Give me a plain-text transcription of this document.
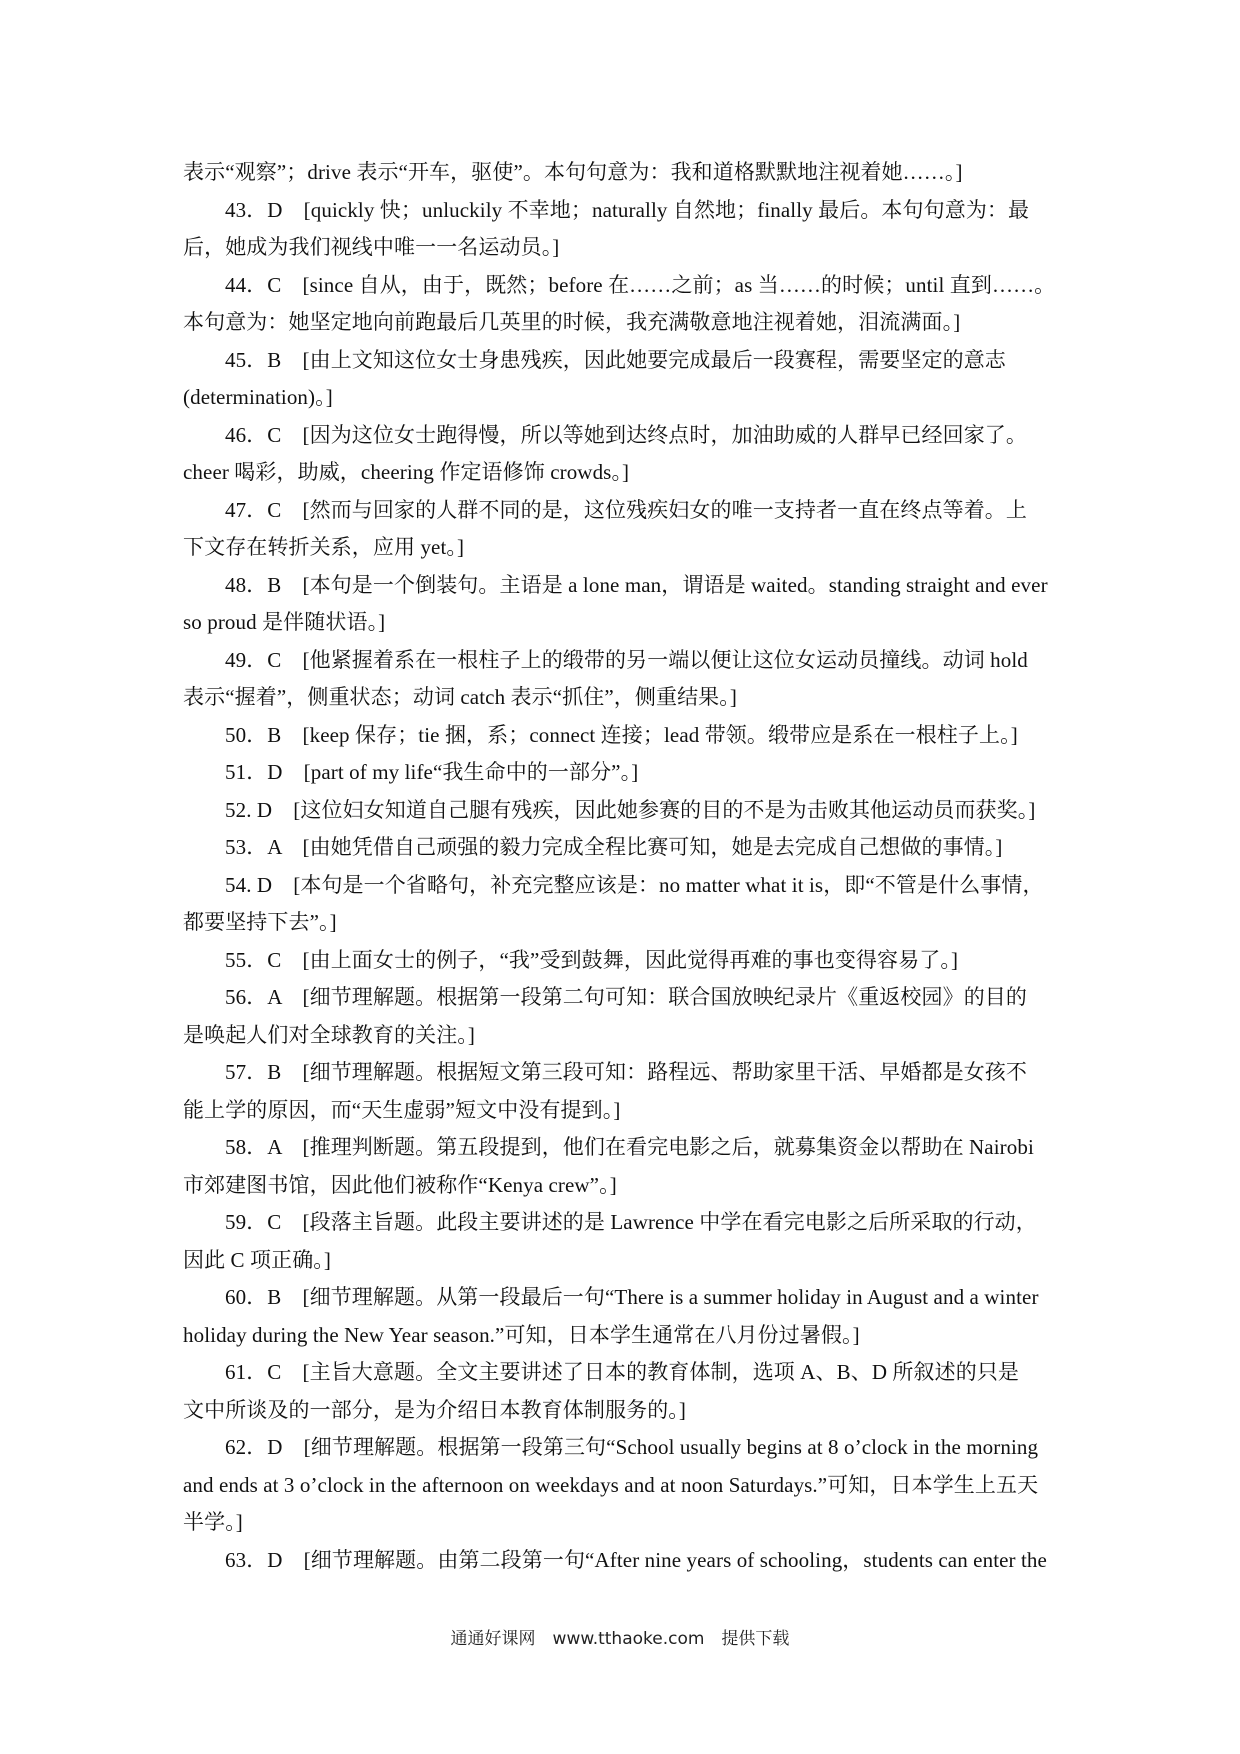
表示“观察”；drive 表示“开车，驱使”。本句句意为：我和道格默默地注视着她……。]
43．D　[quickly 快；unluckily 不幸地；naturally 自然地；finally 最后。本句句意为：最
后，她成为我们视线中唯一一名运动员。]
44．C　[since 自从，由于，既然；before 在……之前；as 当……的时候；until 直到……。
本句意为：她坚定地向前跑最后几英里的时候，我充满敬意地注视着她，泪流满面。]
45．B　[由上文知这位女士身患残疾，因此她要完成最后一段赛程，需要坚定的意志
(determination)。]
46．C　[因为这位女士跑得慢，所以等她到达终点时，加油助威的人群早已经回家了。
cheer 喝彩，助威，cheering 作定语修饰 crowds。]
47．C　[然而与回家的人群不同的是，这位残疾妇女的唯一支持者一直在终点等着。上
下文存在转折关系，应用 yet。]
48．B　[本句是一个倒装句。主语是 a lone man，谓语是 waited。standing straight and ever
so proud 是伴随状语。]
49．C　[他紧握着系在一根柱子上的缎带的另一端以便让这位女运动员撞线。动词 hold
表示“握着”，侧重状态；动词 catch 表示“抓住”，侧重结果。]
50．B　[keep 保存；tie 捆，系；connect 连接；lead 带领。缎带应是系在一根柱子上。]
51．D　[part of my life“我生命中的一部分”。]
52. D　[这位妇女知道自己腿有残疾，因此她参赛的目的不是为击败其他运动员而获奖。]
53．A　[由她凭借自己顽强的毅力完成全程比赛可知，她是去完成自己想做的事情。]
54. D　[本句是一个省略句，补充完整应该是：no matter what it is，即“不管是什么事情，
都要坚持下去”。]
55．C　[由上面女士的例子，“我”受到鼓舞，因此觉得再难的事也变得容易了。]
56．A　[细节理解题。根据第一段第二句可知：联合国放映纪录片《重返校园》的目的
是唤起人们对全球教育的关注。]
57．B　[细节理解题。根据短文第三段可知：路程远、帮助家里干活、早婚都是女孩不
能上学的原因，而“天生虚弱”短文中没有提到。]
58．A　[推理判断题。第五段提到，他们在看完电影之后，就募集资金以帮助在 Nairobi
市郊建图书馆，因此他们被称作“Kenya crew”。]
59．C　[段落主旨题。此段主要讲述的是 Lawrence 中学在看完电影之后所采取的行动，
因此 C 项正确。]
60．B　[细节理解题。从第一段最后一句“There is a summer holiday in August and a winter
holiday during the New Year season.”可知，日本学生通常在八月份过暑假。]
61．C　[主旨大意题。全文主要讲述了日本的教育体制，选项 A、B、D 所叙述的只是
文中所谈及的一部分，是为介绍日本教育体制服务的。]
62．D　[细节理解题。根据第一段第三句“School usually begins at 8 o’clock in the morning
and ends at 3 o’clock in the afternoon on weekdays and at noon Saturdays.”可知，日本学生上五天
半学。]
63．D　[细节理解题。由第二段第一句“After nine years of schooling，students can enter the
通通好课网　www.tthaoke.com　提供下载
